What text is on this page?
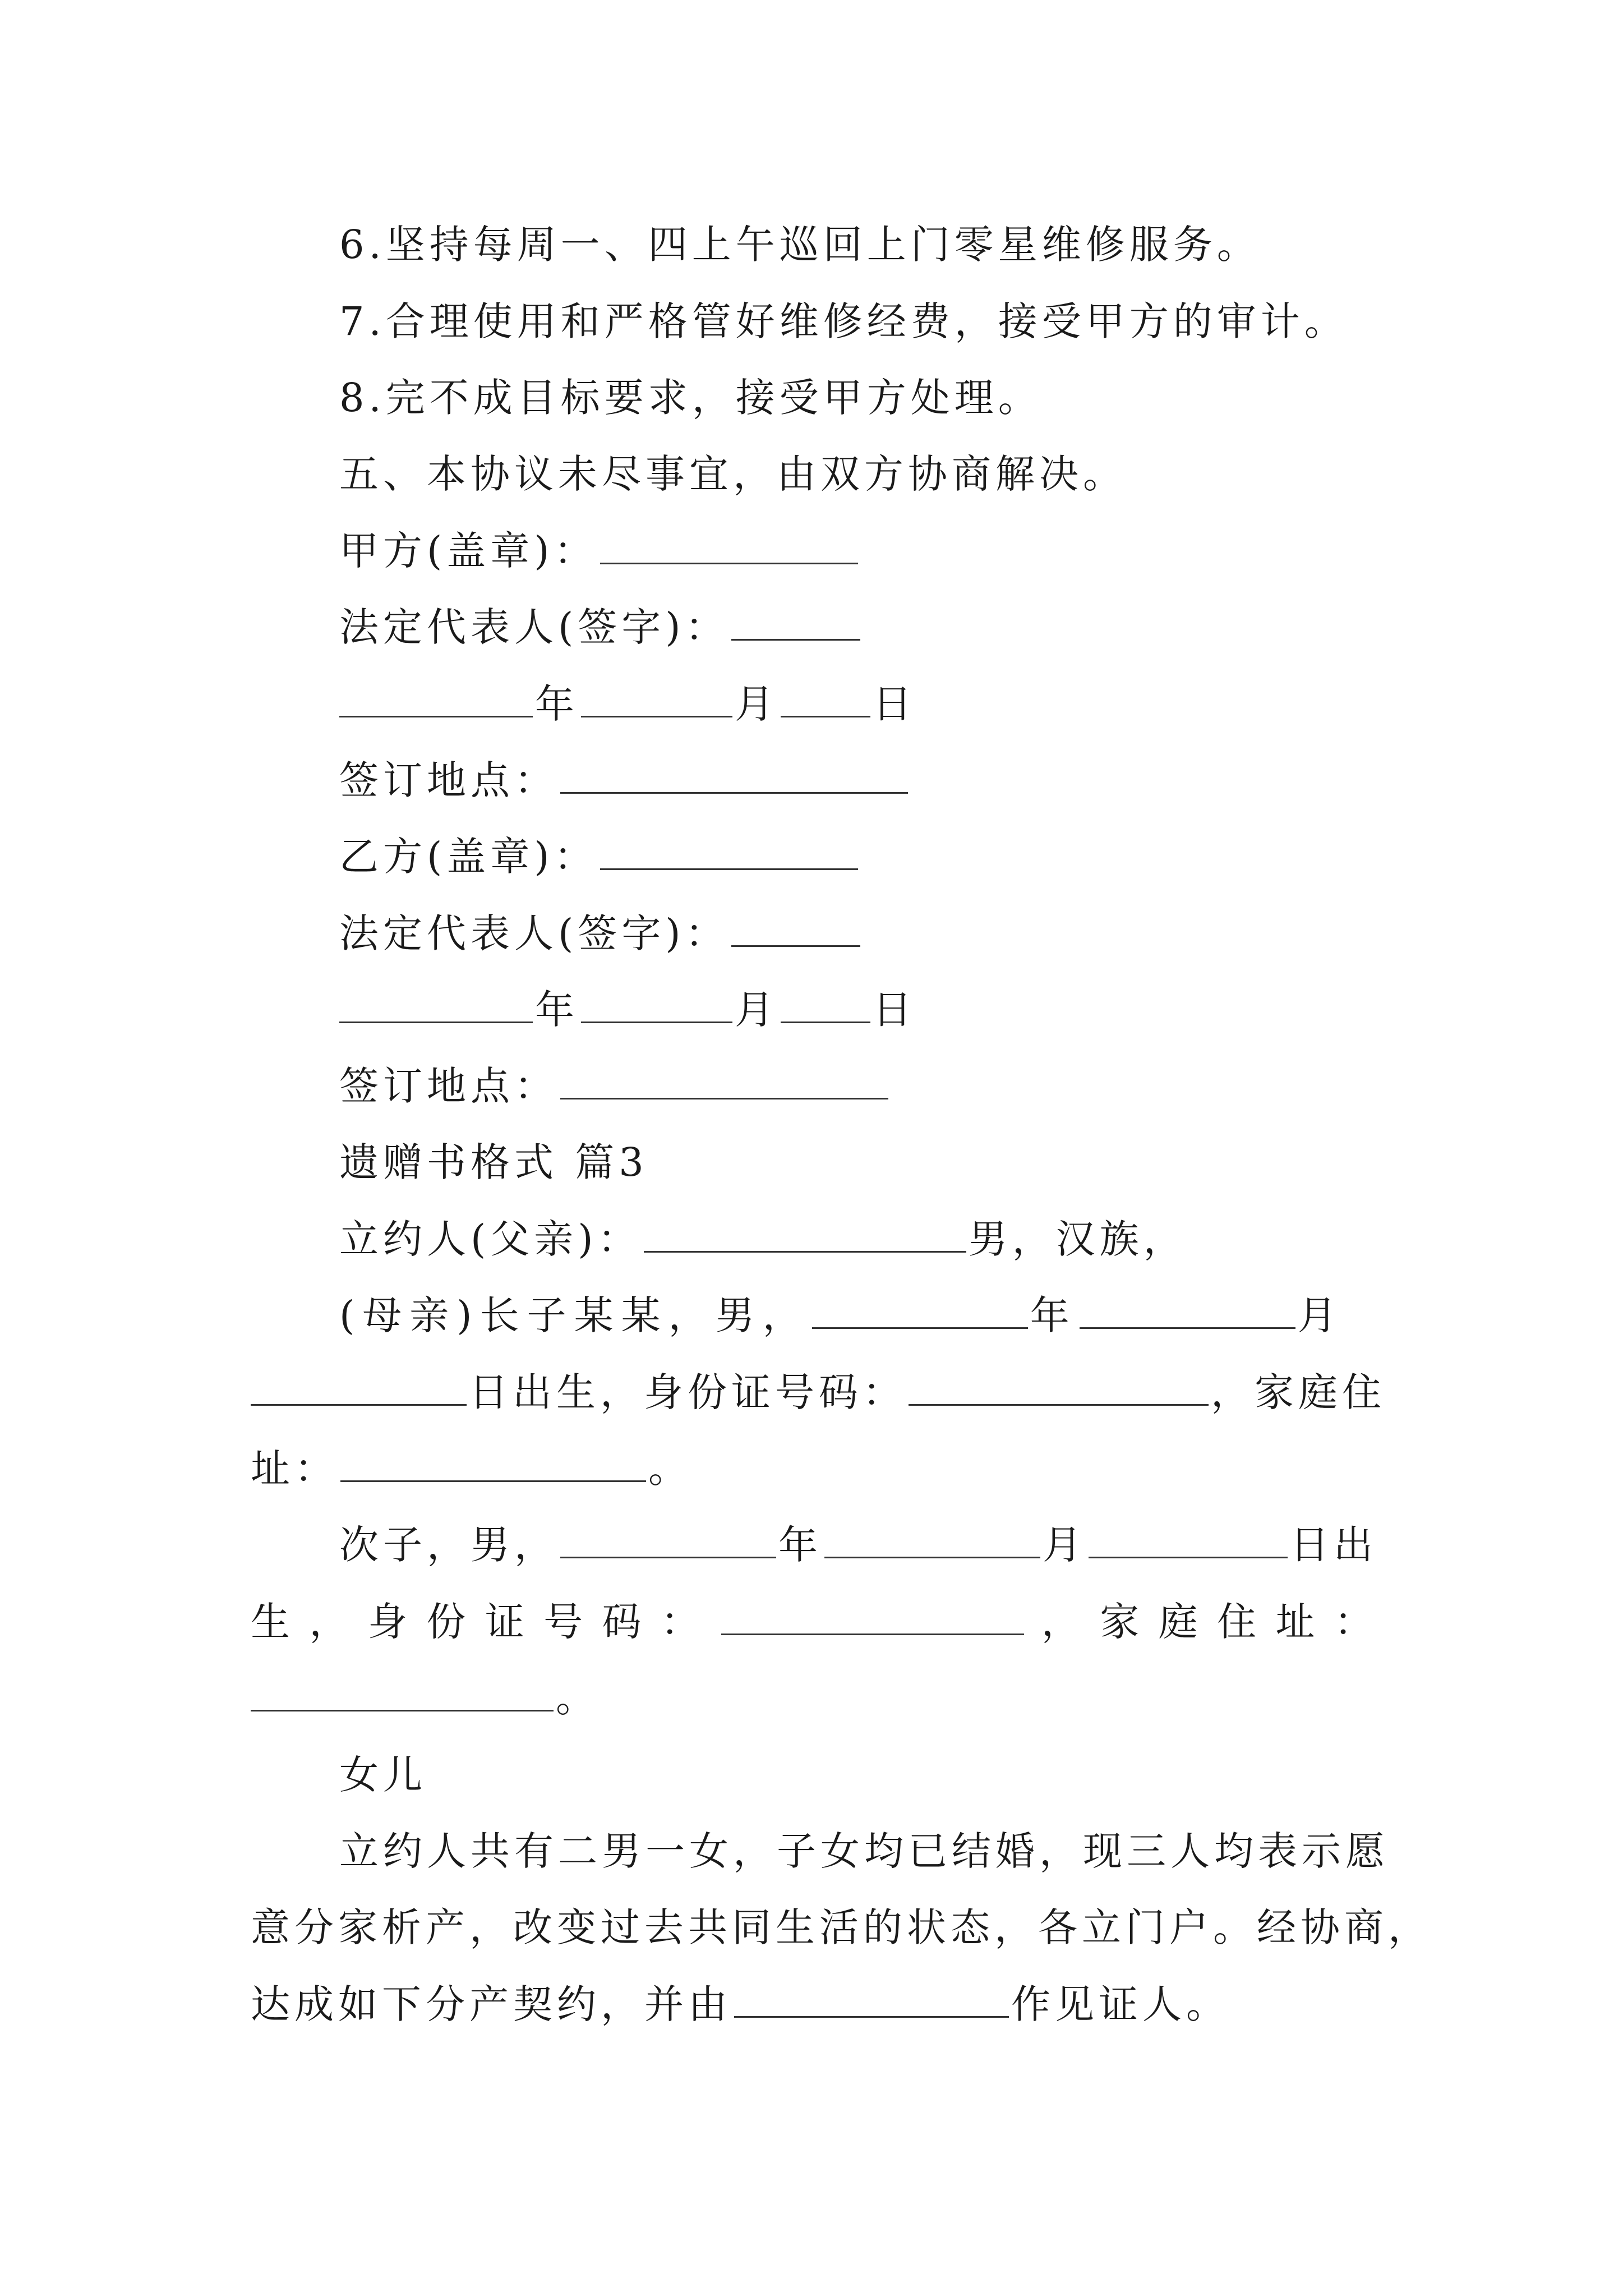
6.坚持每周一、四上午巡回上门零星维修服务。
7.合理使用和严格管好维修经费，接受甲方的审计。
8.完不成目标要求，接受甲方处理。
五、本协议未尽事宜，由双方协商解决。
甲方(盖章)：
法定代表人(签字)：
年	月 日
签订地点：
乙方(盖章)：
法定代表人(签字)：
年	月 日
签订地点：
遗赠书格式 篇3
立约人(父亲)：	男，汉族，
(母亲)长子某某，男，	年	月
日出生，身份证号码：	，家庭住
址：	。
次子，男，	年	月	日出
生 ， 身 份 证 号 码 ：	， 家 庭 住 址 ：
。
女儿
立约人共有二男一女，子女均已结婚，现三人均表示愿
意分家析产，改变过去共同生活的状态，各立门户。经协商，
达成如下分产契约，并由	作见证人。
